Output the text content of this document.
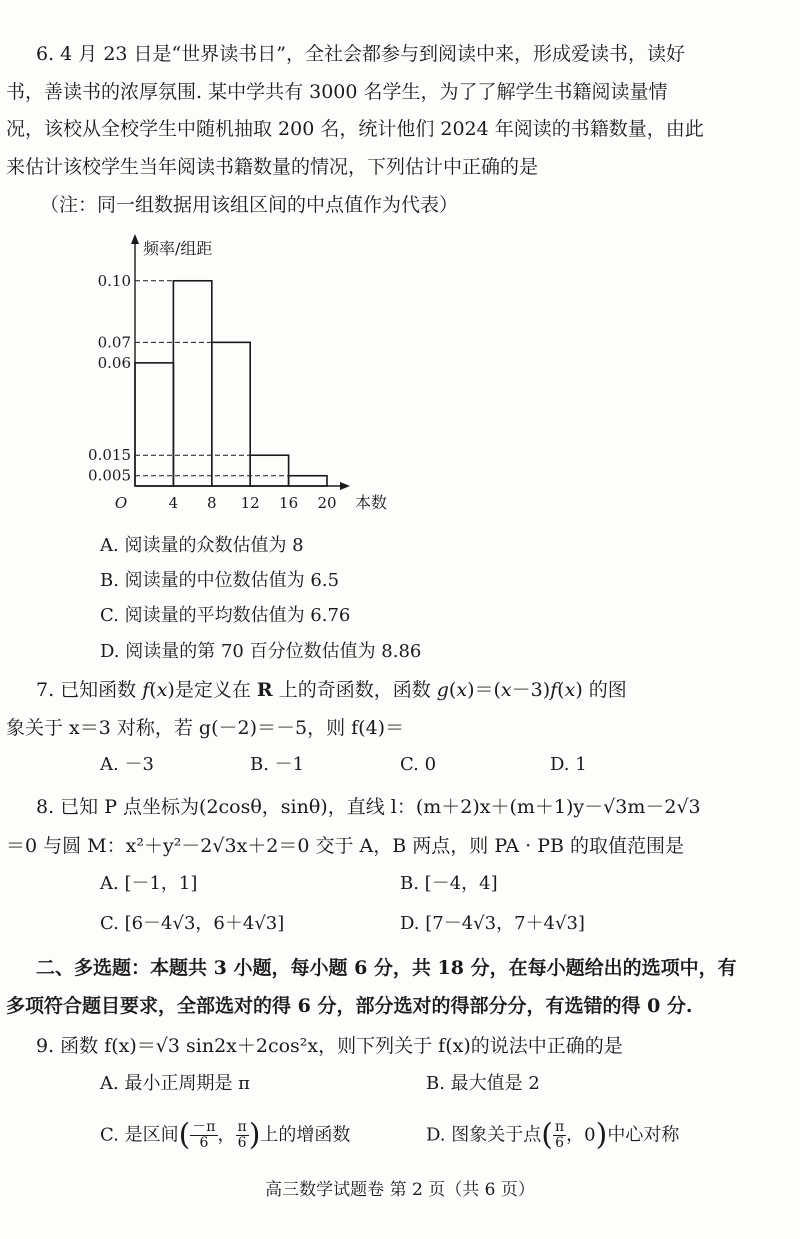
6. 4 月 23 日是“世界读书日”，全社会都参与到阅读中来，形成爱读书，读好
书，善读书的浓厚氛围. 某中学共有 3000 名学生，为了了解学生书籍阅读量情
况，该校从全校学生中随机抽取 200 名，统计他们 2024 年阅读的书籍数量，由此
来估计该校学生当年阅读书籍数量的情况，下列估计中正确的是
（注：同一组数据用该组区间的中点值作为代表）
0.10
0.07
0.06
0.015
0.005
4 8 12 16 20
O
频率/组距
本数
A. 阅读量的众数估值为 8
B. 阅读量的中位数估值为 6.5
C. 阅读量的平均数估值为 6.76
D. 阅读量的第 70 百分位数估值为 8.86
7. 已知函数 f(x)是定义在 R 上的奇函数，函数 g(x)＝(x－3)f(x) 的图
象关于 x＝3 对称，若 g(－2)＝－5，则 f(4)＝
A. －3	B. －1	C. 0	D. 1
8. 已知 P 点坐标为(2cosθ，sinθ)，直线 l：(m＋2)x＋(m＋1)y－√3m－2√3
＝0 与圆 M：x²＋y²－2√3x＋2＝0 交于 A，B 两点，则 PA · PB 的取值范围是
A. [－1，1]	B. [－4，4]
C. [6－4√3，6＋4√3]	D. [7－4√3，7＋4√3]
二、多选题：本题共 3 小题，每小题 6 分，共 18 分，在每小题给出的选项中，有
多项符合题目要求，全部选对的得 6 分，部分选对的得部分分，有选错的得 0 分.
9. 函数 f(x)＝√3 sin2x＋2cos²x，则下列关于 f(x)的说法中正确的是
A. 最小正周期是 π	B. 最大值是 2
C. 是区间( $\frac{-\pi}{6}$ ， $\frac{\pi}{6}$ )上的增函数	D. 图象关于点( $\frac{\pi}{6}$ ，0)中心对称
高三数学试题卷 第 2 页（共 6 页）
